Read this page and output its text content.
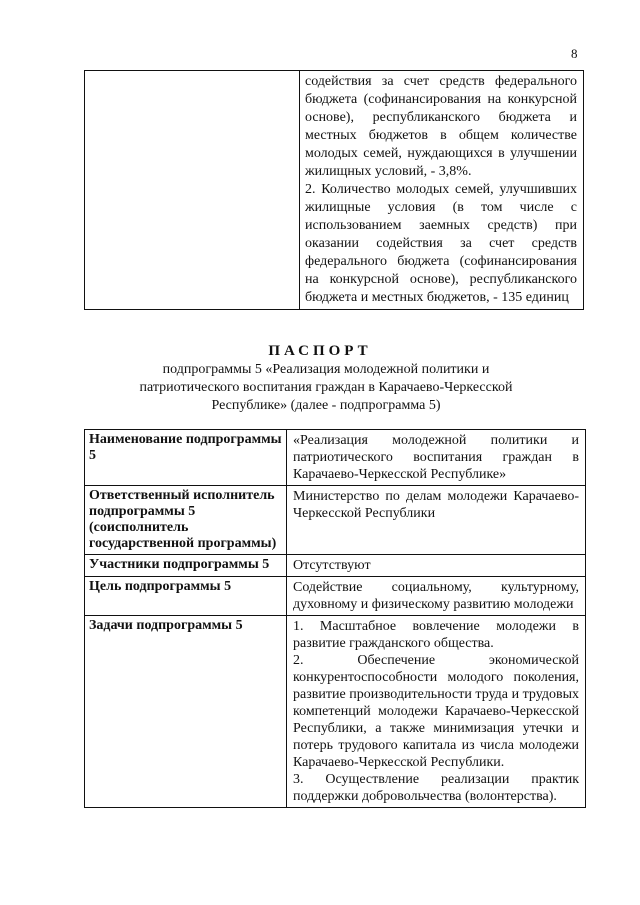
8

содействия за счет средств федерального бюджета (софинансирования на конкурсной основе), республиканского бюджета и местных бюджетов в общем количестве молодых семей, нуждающихся в улучшении жилищных условий, - 3,8%.

2. Количество молодых семей, улучшивших жилищные условия (в том числе с использованием заемных средств) при оказании содействия за счет средств федерального бюджета (софинансирования на конкурсной основе), республиканского бюджета и местных бюджетов, - 135 единиц

ПАСПОРТ
подпрограммы 5 «Реализация молодежной политики и патриотического воспитания граждан в Карачаево-Черкесской Республике» (далее - подпрограмма 5)
Наименование подпрограммы 5	«Реализация молодежной политики и патриотического воспитания граждан в Карачаево-Черкесской Республике»

Ответственный исполнитель подпрограммы 5 (соисполнитель государственной программы)	Министерство по делам молодежи Карачаево-Черкесской Республики

Участники подпрограммы 5	Отсутствуют

Цель подпрограммы 5	Содействие социальному, культурному, духовному и физическому развитию молодежи

Задачи подпрограммы 5	1. Масштабное вовлечение молодежи в развитие гражданского общества.

2. Обеспечение экономической конкурентоспособности молодого поколения, развитие производительности труда и трудовых компетенций молодежи Карачаево-Черкесской Республики, а также минимизация утечки и потерь трудового капитала из числа молодежи Карачаево-Черкесской Республики.

3. Осуществление реализации практик поддержки добровольчества (волонтерства).
